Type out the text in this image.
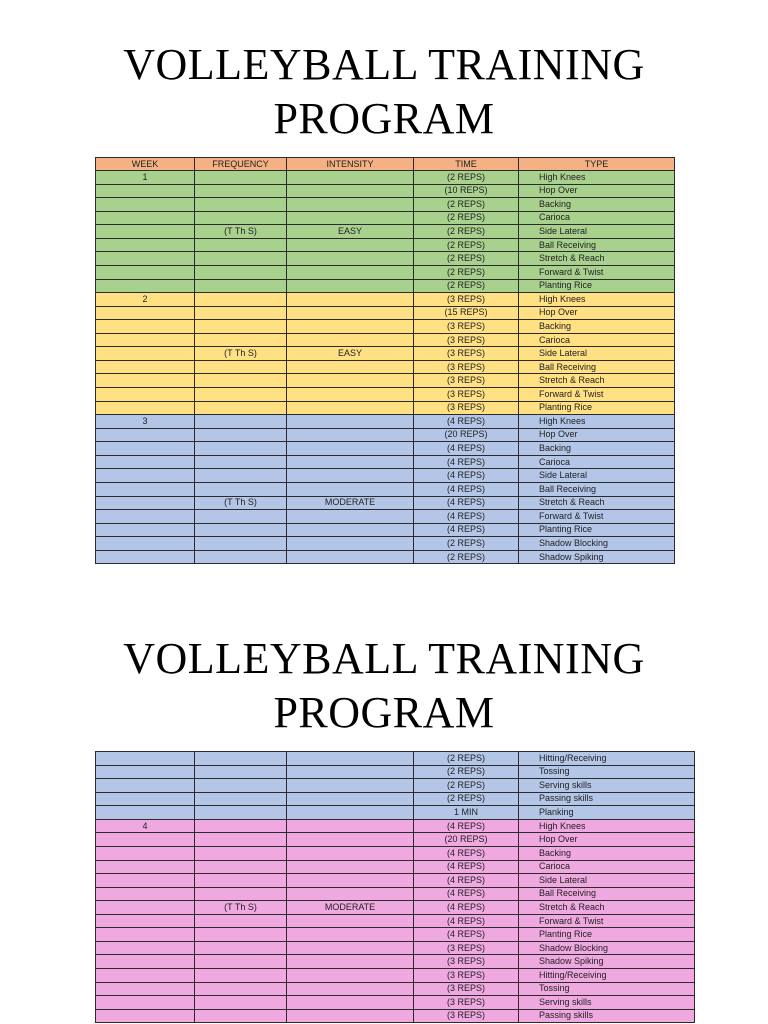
VOLLEYBALL TRAINING
PROGRAM
WEEK	FREQUENCY	INTENSITY	TIME	TYPE
1			(2 REPS)	High Knees
			(10 REPS)	Hop Over
			(2 REPS)	Backing
			(2 REPS)	Carioca
	(T Th S)	EASY	(2 REPS)	Side Lateral
			(2 REPS)	Ball Receiving
			(2 REPS)	Stretch & Reach
			(2 REPS)	Forward & Twist
			(2 REPS)	Planting Rice
2			(3 REPS)	High Knees
			(15 REPS)	Hop Over
			(3 REPS)	Backing
			(3 REPS)	Carioca
	(T Th S)	EASY	(3 REPS)	Side Lateral
			(3 REPS)	Ball Receiving
			(3 REPS)	Stretch & Reach
			(3 REPS)	Forward & Twist
			(3 REPS)	Planting Rice
3			(4 REPS)	High Knees
			(20 REPS)	Hop Over
			(4 REPS)	Backing
			(4 REPS)	Carioca
			(4 REPS)	Side Lateral
			(4 REPS)	Ball Receiving
	(T Th S)	MODERATE	(4 REPS)	Stretch & Reach
			(4 REPS)	Forward & Twist
			(4 REPS)	Planting Rice
			(2 REPS)	Shadow Blocking
			(2 REPS)	Shadow Spiking
VOLLEYBALL TRAINING
PROGRAM
			(2 REPS)	Hitting/Receiving
			(2 REPS)	Tossing
			(2 REPS)	Serving skills
			(2 REPS)	Passing skills
			1 MIN	Planking
4			(4 REPS)	High Knees
			(20 REPS)	Hop Over
			(4 REPS)	Backing
			(4 REPS)	Carioca
			(4 REPS)	Side Lateral
			(4 REPS)	Ball Receiving
	(T Th S)	MODERATE	(4 REPS)	Stretch & Reach
			(4 REPS)	Forward & Twist
			(4 REPS)	Planting Rice
			(3 REPS)	Shadow Blocking
			(3 REPS)	Shadow Spiking
			(3 REPS)	Hitting/Receiving
			(3 REPS)	Tossing
			(3 REPS)	Serving skills
			(3 REPS)	Passing skills
